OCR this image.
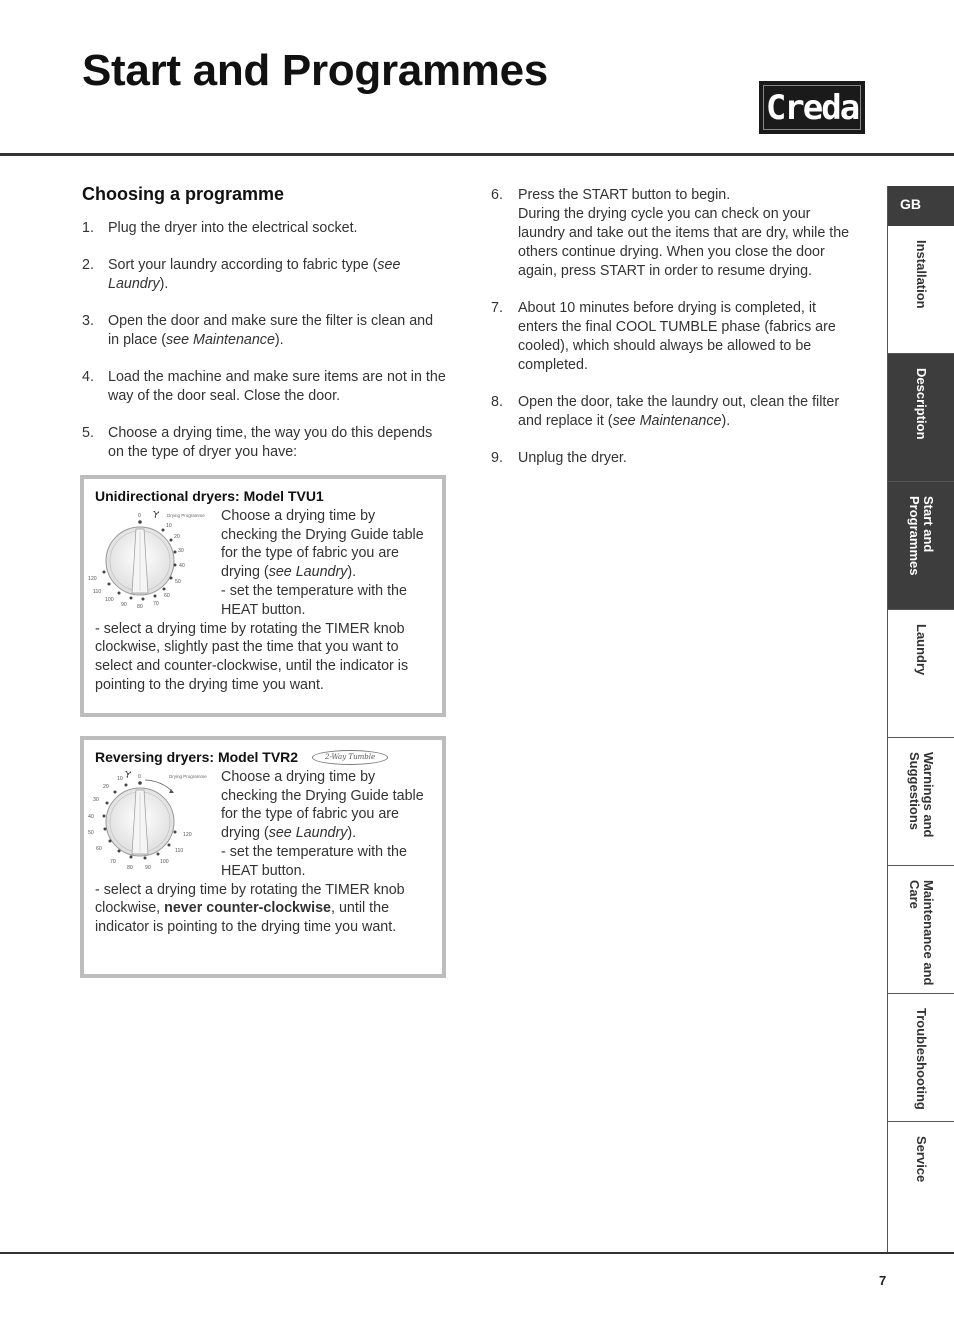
Start and Programmes
Creda
Choosing a programme
1. Plug the dryer into the electrical socket.
2. Sort your laundry according to fabric type (see Laundry).
3. Open the door and make sure the filter is clean and in place (see Maintenance).
4. Load the machine and make sure items are not in the way of the door seal. Close the door.
5. Choose a drying time, the way you do this depends on the type of dryer you have:
Unidirectional dryers: Model TVU1
0
10
20
30
40
50
60
70
80
90
100
110
120
Drying Programme Choose a drying time by checking the Drying Guide table for the type of fabric you are drying (see Laundry).
- set the temperature with the HEAT button.
- select a drying time by rotating the TIMER knob clockwise, slightly past the time that you want to select and counter-clockwise, until the indicator is pointing to the drying time you want.
Reversing dryers: Model TVR2	2-Way Tumble
0
10
20
30
40
50
60
70
80 90
100
110
120
Drying Programme Choose a drying time by checking the Drying Guide table for the type of fabric you are drying (see Laundry).
- set the temperature with the HEAT button.
- select a drying time by rotating the TIMER knob clockwise, never counter-clockwise, until the indicator is pointing to the drying time you want.
6.	Press the START button to begin.
During the drying cycle you can check on your laundry and take out the items that are dry, while the others continue drying. When you close the door again, press START in order to resume drying.
7.	About 10 minutes before drying is completed, it enters the final COOL TUMBLE phase (fabrics are cooled), which should always be allowed to be completed.
8.	Open the door, take the laundry out, clean the filter and replace it (see Maintenance).
9.	Unplug the dryer.
GB
Installation
Description
Start and
Programmes
Laundry
Warnings and
Suggestions
Maintenance and
Care
Troubleshooting
Service
7
